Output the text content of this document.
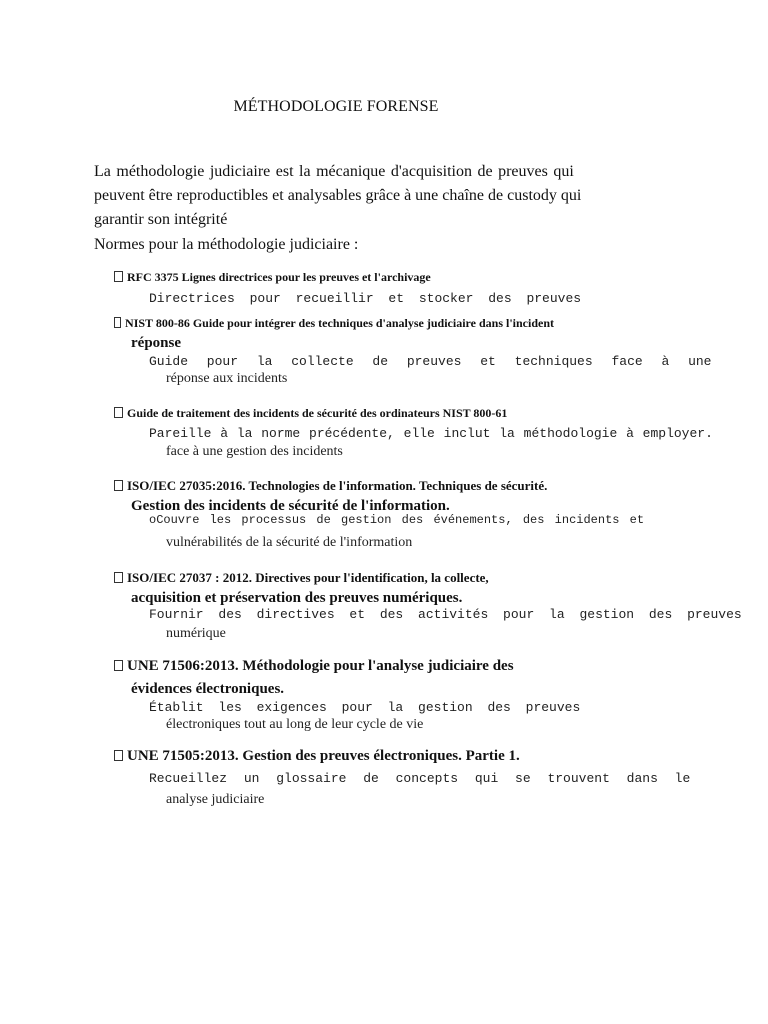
MÉTHODOLOGIE FORENSE
La méthodologie judiciaire est la mécanique d'acquisition de preuves qui
peuvent être reproductibles et analysables grâce à une chaîne de custody qui
garantir son intégrité
Normes pour la méthodologie judiciaire :
RFC 3375 Lignes directrices pour les preuves et l'archivage
Directrices pour recueillir et stocker des preuves
NIST 800-86 Guide pour intégrer des techniques d'analyse judiciaire dans l'incident
réponse
Guide pour la collecte de preuves et techniques face à une
réponse aux incidents
Guide de traitement des incidents de sécurité des ordinateurs NIST 800-61
Pareille à la norme précédente, elle inclut la méthodologie à employer.
face à une gestion des incidents
ISO/IEC 27035:2016. Technologies de l'information. Techniques de sécurité.
Gestion des incidents de sécurité de l'information.
oCouvre les processus de gestion des événements, des incidents et
vulnérabilités de la sécurité de l'information
ISO/IEC 27037 : 2012. Directives pour l'identification, la collecte,
acquisition et préservation des preuves numériques.
Fournir des directives et des activités pour la gestion des preuves
numérique
UNE 71506:2013. Méthodologie pour l'analyse judiciaire des
évidences électroniques.
Établit les exigences pour la gestion des preuves
électroniques tout au long de leur cycle de vie
UNE 71505:2013. Gestion des preuves électroniques. Partie 1.
Recueillez un glossaire de concepts qui se trouvent dans le
analyse judiciaire
